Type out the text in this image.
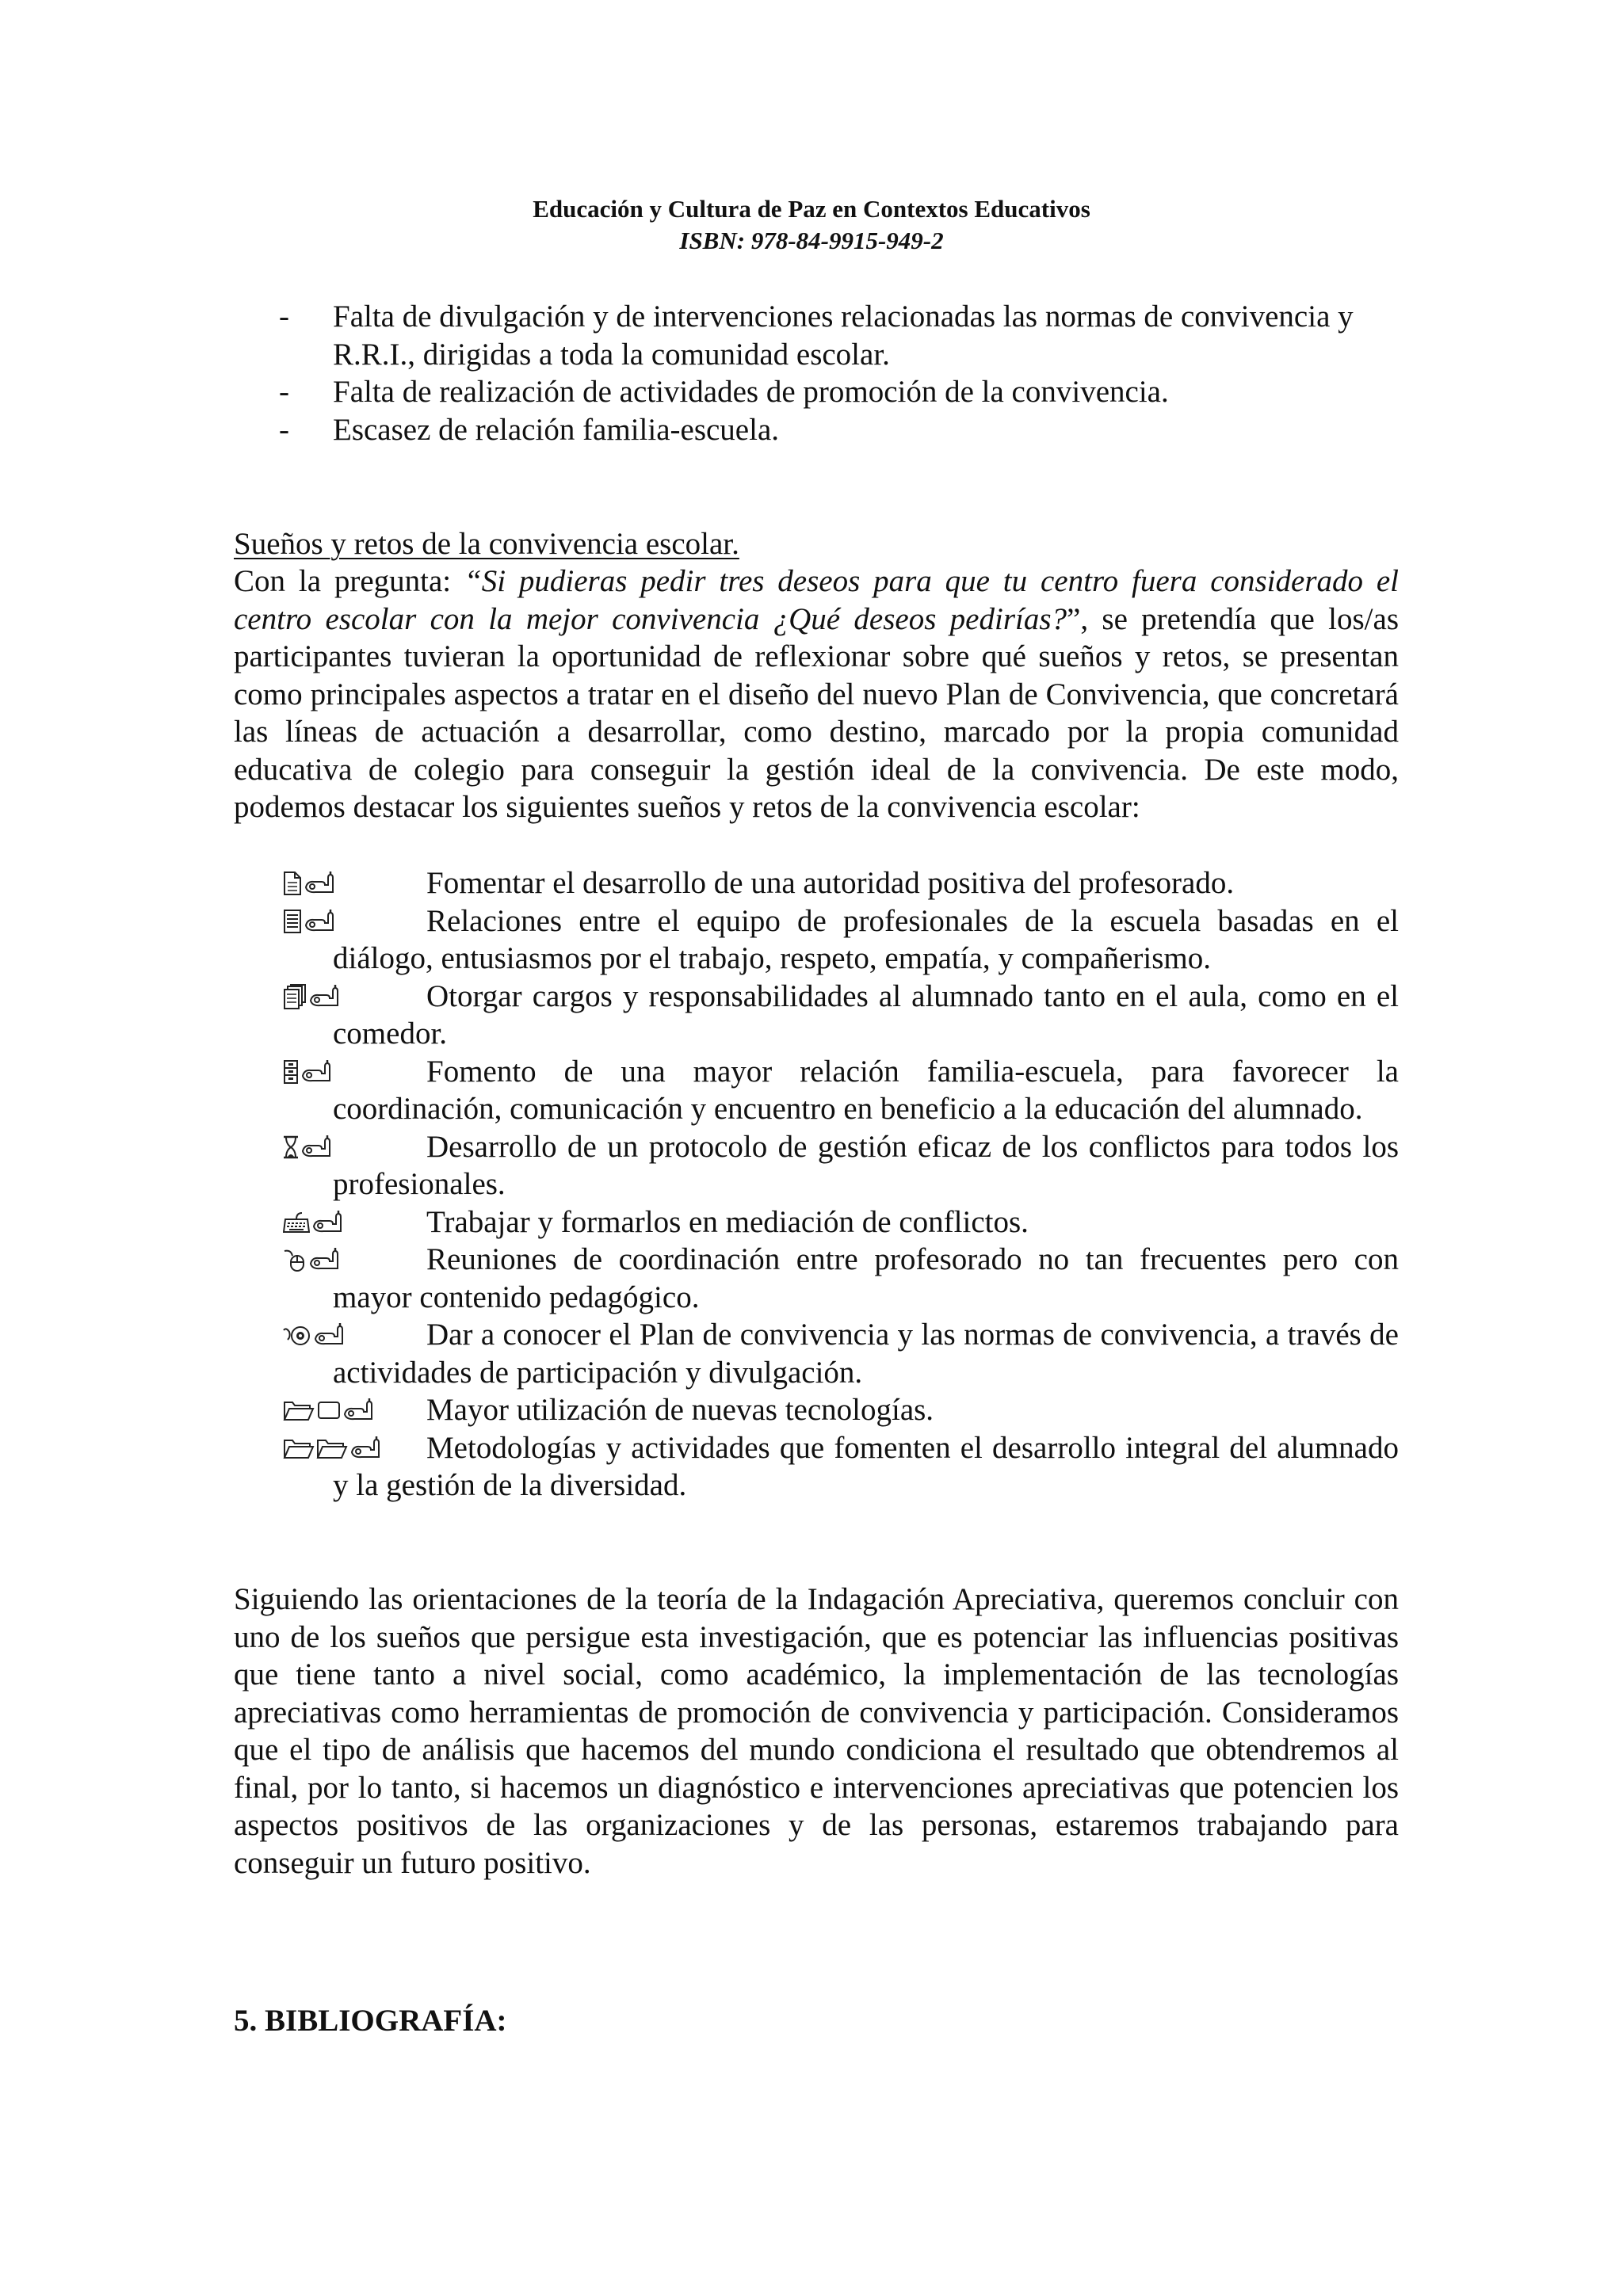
Educación y Cultura de Paz en Contextos Educativos
ISBN: 978-84-9915-949-2
- Falta de divulgación y de intervenciones relacionadas las normas de convivencia y R.R.I., dirigidas a toda la comunidad escolar.
- Falta de realización de actividades de promoción de la convivencia.
- Escasez de relación familia-escuela.
Sueños y retos de la convivencia escolar.
Con la pregunta: “Si pudieras pedir tres deseos para que tu centro fuera considerado el centro escolar con la mejor convivencia ¿Qué deseos pedirías?”, se pretendía que los/as participantes tuvieran la oportunidad de reflexionar sobre qué sueños y retos, se presentan como principales aspectos a tratar en el diseño del nuevo Plan de Convivencia, que concretará las líneas de actuación a desarrollar, como destino, marcado por la propia comunidad educativa de colegio para conseguir la gestión ideal de la convivencia. De este modo, podemos destacar los siguientes sueños y retos de la convivencia escolar:
Fomentar el desarrollo de una autoridad positiva del profesorado.
Relaciones entre el equipo de profesionales de la escuela basadas en el diálogo, entusiasmos por el trabajo, respeto, empatía, y compañerismo.
Otorgar cargos y responsabilidades al alumnado tanto en el aula, como en el comedor.
Fomento de una mayor relación familia-escuela, para favorecer la coordinación, comunicación y encuentro en beneficio a la educación del alumnado.
Desarrollo de un protocolo de gestión eficaz de los conflictos para todos los profesionales.
Trabajar y formarlos en mediación de conflictos.
Reuniones de coordinación entre profesorado no tan frecuentes pero con mayor contenido pedagógico.
Dar a conocer el Plan de convivencia y las normas de convivencia, a través de actividades de participación y divulgación.
Mayor utilización de nuevas tecnologías.
Metodologías y actividades que fomenten el desarrollo integral del alumnado y la gestión de la diversidad.
Siguiendo las orientaciones de la teoría de la Indagación Apreciativa, queremos concluir con uno de los sueños que persigue esta investigación, que es potenciar las influencias positivas que tiene tanto a nivel social, como académico, la implementación de las tecnologías apreciativas como herramientas de promoción de convivencia y participación. Consideramos que el tipo de análisis que hacemos del mundo condiciona el resultado que obtendremos al final, por lo tanto, si hacemos un diagnóstico e intervenciones apreciativas que potencien los aspectos positivos de las organizaciones y de las personas, estaremos trabajando para conseguir un futuro positivo.
5. BIBLIOGRAFÍA:
